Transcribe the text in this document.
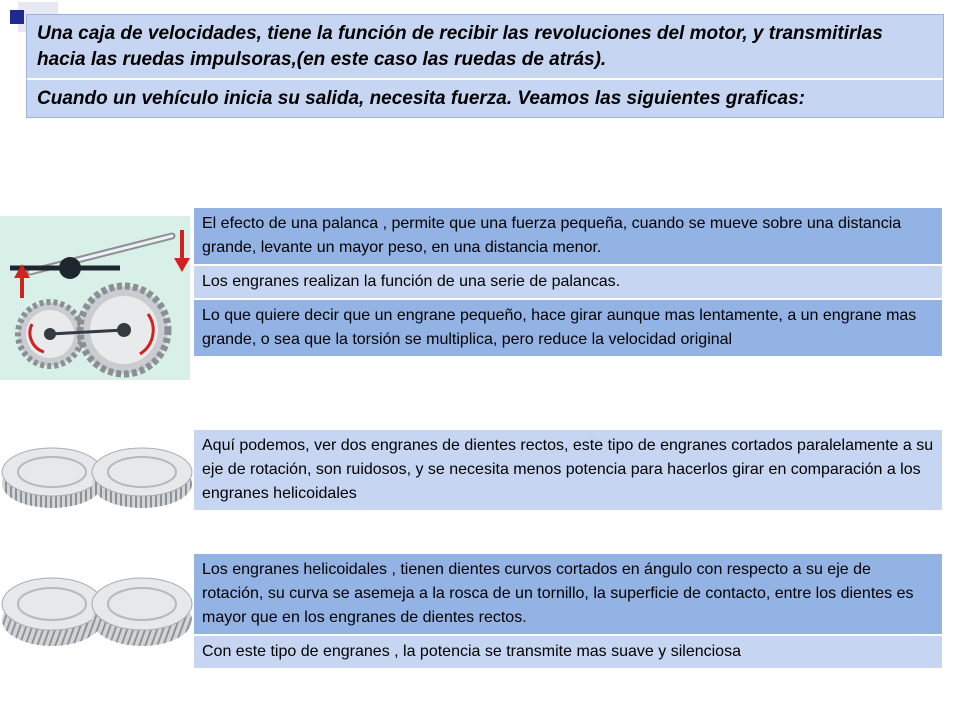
Una caja de velocidades, tiene la función de recibir las revoluciones del motor, y transmitirlas hacia las ruedas impulsoras,(en este caso las ruedas de atrás).
Cuando un vehículo inicia su salida, necesita fuerza. Veamos las siguientes graficas:
El efecto de una palanca , permite que una fuerza pequeña, cuando se mueve sobre una distancia grande, levante un mayor peso, en una distancia menor.
Los engranes realizan la función de una serie de palancas.
Lo que quiere decir que un engrane pequeño, hace girar aunque mas lentamente, a un engrane mas grande, o sea que la torsión se multiplica, pero reduce la velocidad original
Aquí podemos, ver dos engranes de dientes rectos, este tipo de engranes cortados paralelamente a su eje de rotación, son ruidosos, y se necesita menos potencia para hacerlos girar en comparación a los engranes helicoidales
Los engranes helicoidales , tienen dientes curvos cortados en ángulo con respecto a su eje de rotación, su curva se asemeja a la rosca de un tornillo, la superficie de contacto, entre los dientes es mayor que en los engranes de dientes rectos.
Con este tipo de engranes , la potencia se transmite mas suave y silenciosa
